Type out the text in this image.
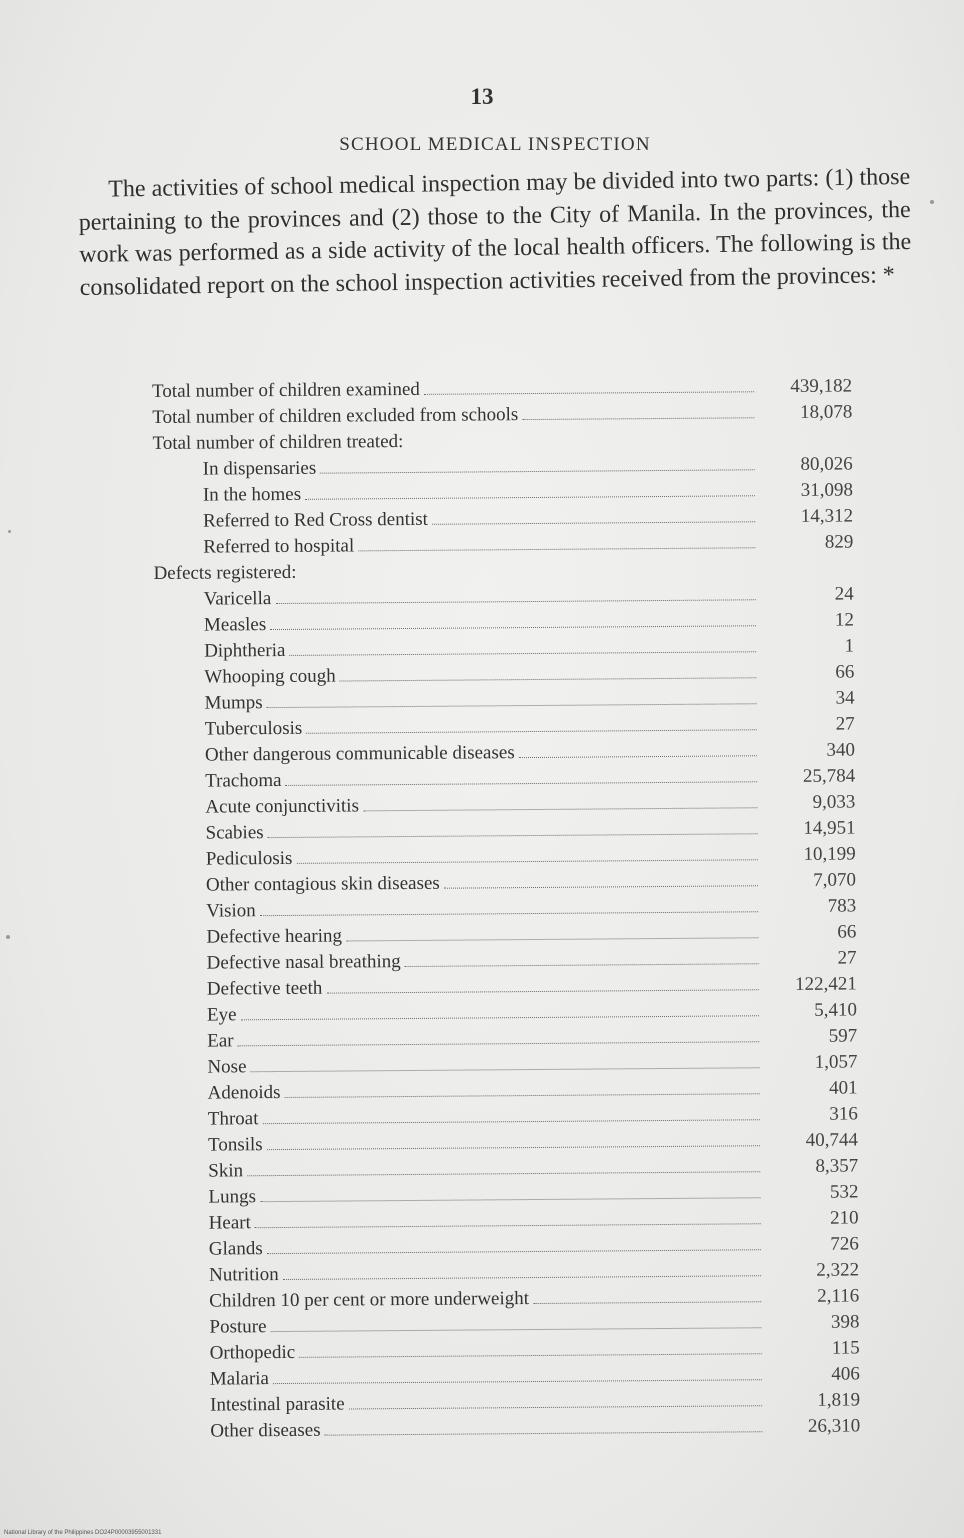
13
SCHOOL MEDICAL INSPECTION

The activities of school medical inspection may be divided into two parts: (1) those pertaining to the provinces and (2) those to the City of Manila. In the provinces, the work was performed as a side activity of the local health officers. The following is the consolidated report on the school inspection activities received from the provinces: *

Total number of children examined	439,182
Total number of children excluded from schools	18,078
Total number of children treated:
In dispensaries	80,026
In the homes	31,098
Referred to Red Cross dentist	14,312
Referred to hospital	829
Defects registered:
Varicella	24
Measles	12
Diphtheria	1
Whooping cough	66
Mumps	34
Tuberculosis	27
Other dangerous communicable diseases	340
Trachoma	25,784
Acute conjunctivitis	9,033
Scabies	14,951
Pediculosis	10,199
Other contagious skin diseases	7,070
Vision	783
Defective hearing	66
Defective nasal breathing	27
Defective teeth	122,421
Eye	5,410
Ear	597
Nose	1,057
Adenoids	401
Throat	316
Tonsils	40,744
Skin	8,357
Lungs	532
Heart	210
Glands	726
Nutrition	2,322
Children 10 per cent or more underweight	2,116
Posture	398
Orthopedic	115
Malaria	406
Intestinal parasite	1,819
Other diseases	26,310
National Library of the Philippines DO24P00003955001331
